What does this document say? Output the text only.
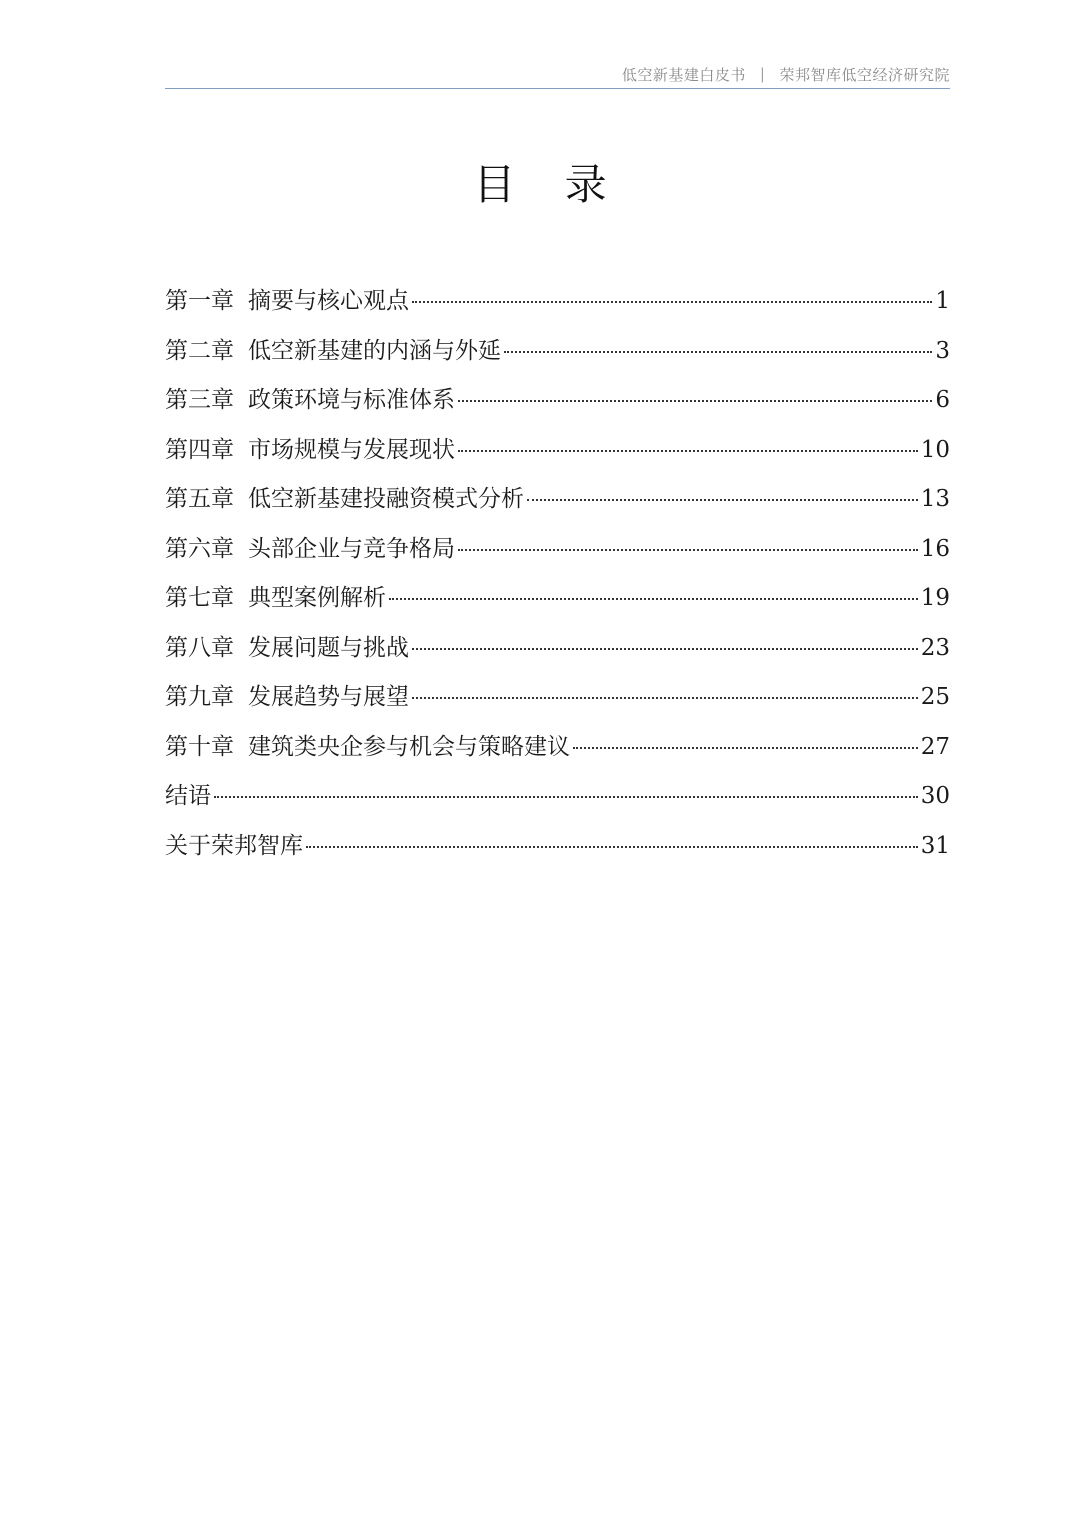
低空新基建白皮书 | 荣邦智库低空经济研究院
目 录
第一章 摘要与核心观点	1
第二章 低空新基建的内涵与外延	3
第三章 政策环境与标准体系	6
第四章 市场规模与发展现状	10
第五章 低空新基建投融资模式分析	13
第六章 头部企业与竞争格局	16
第七章 典型案例解析	19
第八章 发展问题与挑战	23
第九章 发展趋势与展望	25
第十章 建筑类央企参与机会与策略建议	27
结语	30
关于荣邦智库	31
